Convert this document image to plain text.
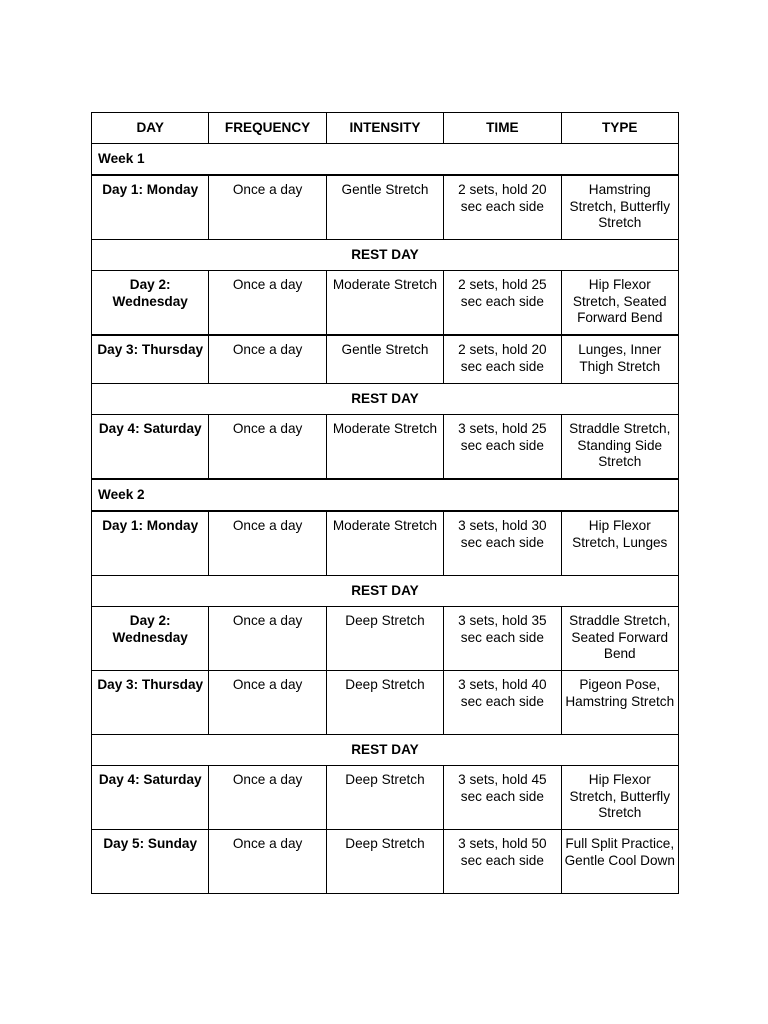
DAY	FREQUENCY	INTENSITY	TIME	TYPE
Week 1				
Day 1: Monday	Once a day	Gentle Stretch	2 sets, hold 20 sec each side	Hamstring Stretch, Butterfly Stretch
REST DAY				
Day 2: Wednesday	Once a day	Moderate Stretch	2 sets, hold 25 sec each side	Hip Flexor Stretch, Seated Forward Bend
Day 3: Thursday	Once a day	Gentle Stretch	2 sets, hold 20 sec each side	Lunges, Inner Thigh Stretch
REST DAY				
Day 4: Saturday	Once a day	Moderate Stretch	3 sets, hold 25 sec each side	Straddle Stretch, Standing Side Stretch
Week 2				
Day 1: Monday	Once a day	Moderate Stretch	3 sets, hold 30 sec each side	Hip Flexor Stretch, Lunges
REST DAY				
Day 2: Wednesday	Once a day	Deep Stretch	3 sets, hold 35 sec each side	Straddle Stretch, Seated Forward Bend
Day 3: Thursday	Once a day	Deep Stretch	3 sets, hold 40 sec each side	Pigeon Pose, Hamstring Stretch
REST DAY				
Day 4: Saturday	Once a day	Deep Stretch	3 sets, hold 45 sec each side	Hip Flexor Stretch, Butterfly Stretch
Day 5: Sunday	Once a day	Deep Stretch	3 sets, hold 50 sec each side	Full Split Practice, Gentle Cool Down
